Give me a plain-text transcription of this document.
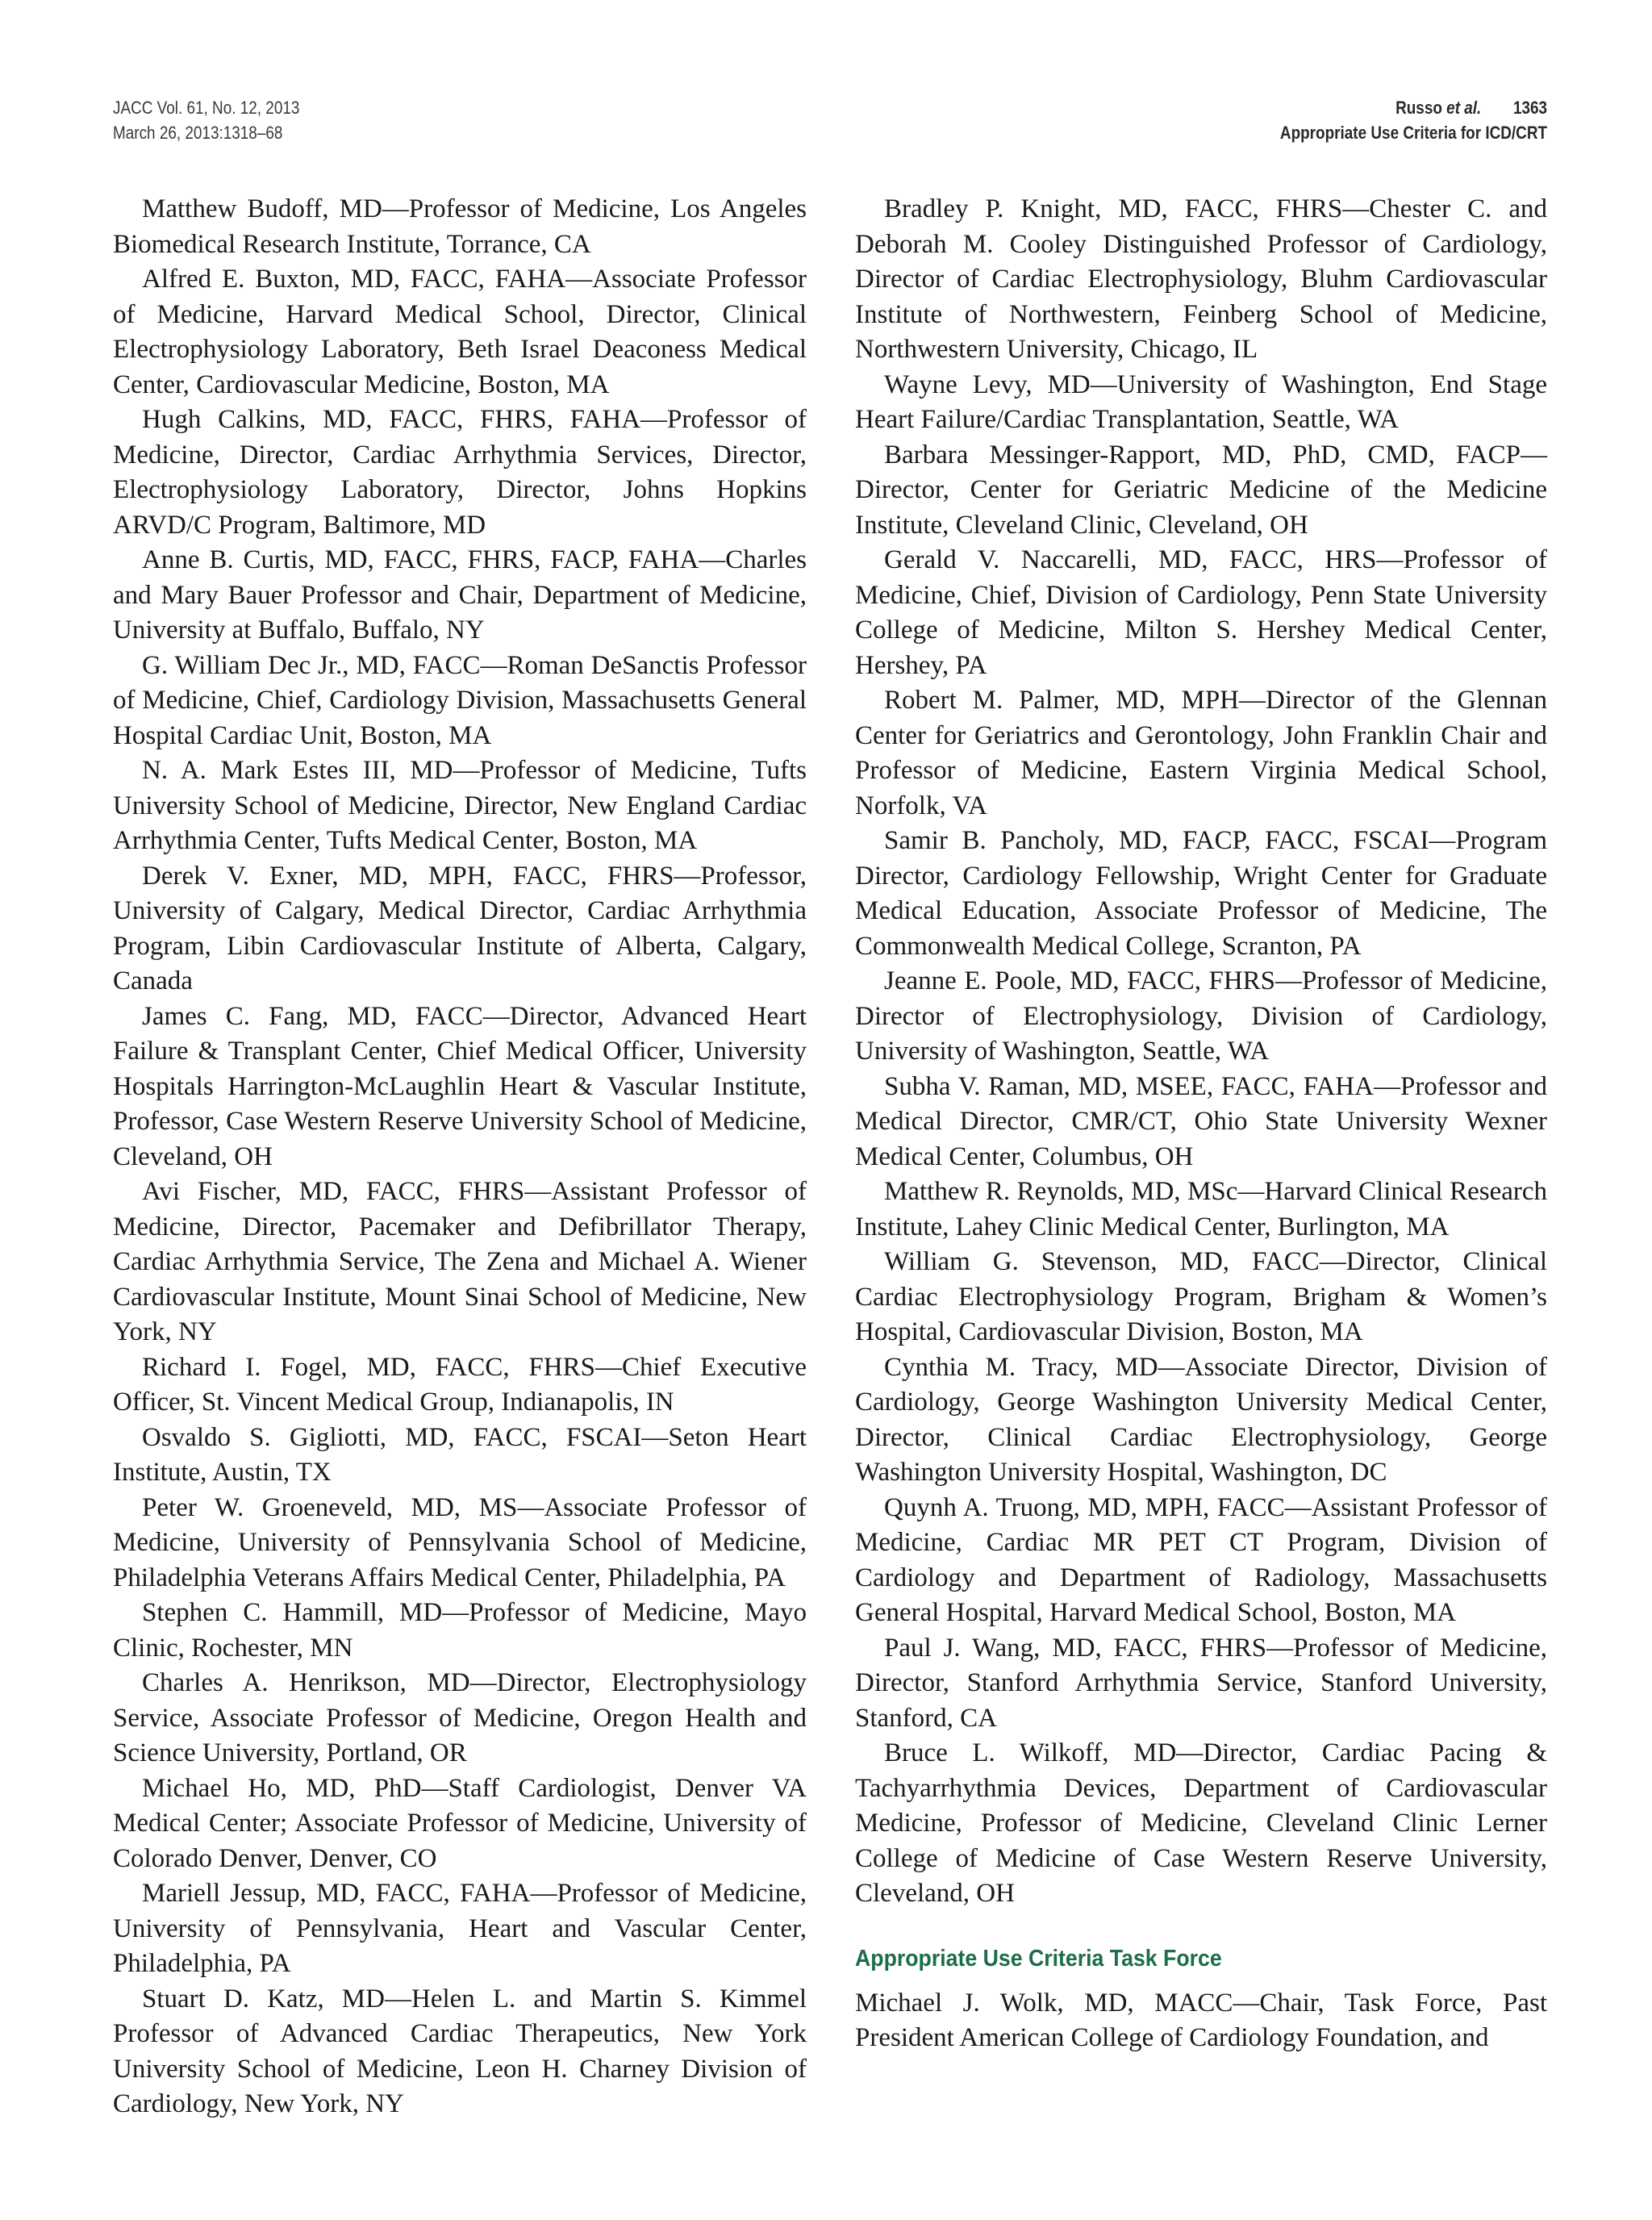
JACC Vol. 61, No. 12, 2013
March 26, 2013:1318–68
Russo et al. 1363
Appropriate Use Criteria for ICD/CRT

Matthew Budoff, MD—Professor of Medicine, Los Angeles Biomedical Research Institute, Torrance, CA

Alfred E. Buxton, MD, FACC, FAHA—Associate Professor of Medicine, Harvard Medical School, Director, Clinical Electrophysiology Laboratory, Beth Israel Deaconess Medical Center, Cardiovascular Medicine, Boston, MA

Hugh Calkins, MD, FACC, FHRS, FAHA—Professor of Medicine, Director, Cardiac Arrhythmia Services, Director, Electrophysiology Laboratory, Director, Johns Hopkins ARVD/C Program, Baltimore, MD

Anne B. Curtis, MD, FACC, FHRS, FACP, FAHA—Charles and Mary Bauer Professor and Chair, Department of Medicine, University at Buffalo, Buffalo, NY

G. William Dec Jr., MD, FACC—Roman DeSanctis Professor of Medicine, Chief, Cardiology Division, Massachusetts General Hospital Cardiac Unit, Boston, MA

N. A. Mark Estes III, MD—Professor of Medicine, Tufts University School of Medicine, Director, New England Cardiac Arrhythmia Center, Tufts Medical Center, Boston, MA

Derek V. Exner, MD, MPH, FACC, FHRS—Professor, University of Calgary, Medical Director, Cardiac Arrhythmia Program, Libin Cardiovascular Institute of Alberta, Calgary, Canada

James C. Fang, MD, FACC—Director, Advanced Heart Failure & Transplant Center, Chief Medical Officer, University Hospitals Harrington-McLaughlin Heart & Vascular Institute, Professor, Case Western Reserve University School of Medicine, Cleveland, OH

Avi Fischer, MD, FACC, FHRS—Assistant Professor of Medicine, Director, Pacemaker and Defibrillator Therapy, Cardiac Arrhythmia Service, The Zena and Michael A. Wiener Cardiovascular Institute, Mount Sinai School of Medicine, New York, NY

Richard I. Fogel, MD, FACC, FHRS—Chief Executive Officer, St. Vincent Medical Group, Indianapolis, IN

Osvaldo S. Gigliotti, MD, FACC, FSCAI—Seton Heart Institute, Austin, TX

Peter W. Groeneveld, MD, MS—Associate Professor of Medicine, University of Pennsylvania School of Medicine, Philadelphia Veterans Affairs Medical Center, Philadelphia, PA

Stephen C. Hammill, MD—Professor of Medicine, Mayo Clinic, Rochester, MN

Charles A. Henrikson, MD—Director, Electrophysiology Service, Associate Professor of Medicine, Oregon Health and Science University, Portland, OR

Michael Ho, MD, PhD—Staff Cardiologist, Denver VA Medical Center; Associate Professor of Medicine, University of Colorado Denver, Denver, CO

Mariell Jessup, MD, FACC, FAHA—Professor of Medicine, University of Pennsylvania, Heart and Vascular Center, Philadelphia, PA

Stuart D. Katz, MD—Helen L. and Martin S. Kimmel Professor of Advanced Cardiac Therapeutics, New York University School of Medicine, Leon H. Charney Division of Cardiology, New York, NY

Bradley P. Knight, MD, FACC, FHRS—Chester C. and Deborah M. Cooley Distinguished Professor of Cardiology, Director of Cardiac Electrophysiology, Bluhm Cardiovascular Institute of Northwestern, Feinberg School of Medicine, Northwestern University, Chicago, IL

Wayne Levy, MD—University of Washington, End Stage Heart Failure/Cardiac Transplantation, Seattle, WA

Barbara Messinger-Rapport, MD, PhD, CMD, FACP—Director, Center for Geriatric Medicine of the Medicine Institute, Cleveland Clinic, Cleveland, OH

Gerald V. Naccarelli, MD, FACC, HRS—Professor of Medicine, Chief, Division of Cardiology, Penn State University College of Medicine, Milton S. Hershey Medical Center, Hershey, PA

Robert M. Palmer, MD, MPH—Director of the Glennan Center for Geriatrics and Gerontology, John Franklin Chair and Professor of Medicine, Eastern Virginia Medical School, Norfolk, VA

Samir B. Pancholy, MD, FACP, FACC, FSCAI—Program Director, Cardiology Fellowship, Wright Center for Graduate Medical Education, Associate Professor of Medicine, The Commonwealth Medical College, Scranton, PA

Jeanne E. Poole, MD, FACC, FHRS—Professor of Medicine, Director of Electrophysiology, Division of Cardiology, University of Washington, Seattle, WA

Subha V. Raman, MD, MSEE, FACC, FAHA—Professor and Medical Director, CMR/CT, Ohio State University Wexner Medical Center, Columbus, OH

Matthew R. Reynolds, MD, MSc—Harvard Clinical Research Institute, Lahey Clinic Medical Center, Burlington, MA

William G. Stevenson, MD, FACC—Director, Clinical Cardiac Electrophysiology Program, Brigham & Women’s Hospital, Cardiovascular Division, Boston, MA

Cynthia M. Tracy, MD—Associate Director, Division of Cardiology, George Washington University Medical Center, Director, Clinical Cardiac Electrophysiology, George Washington University Hospital, Washington, DC

Quynh A. Truong, MD, MPH, FACC—Assistant Professor of Medicine, Cardiac MR PET CT Program, Division of Cardiology and Department of Radiology, Massachusetts General Hospital, Harvard Medical School, Boston, MA

Paul J. Wang, MD, FACC, FHRS—Professor of Medicine, Director, Stanford Arrhythmia Service, Stanford University, Stanford, CA

Bruce L. Wilkoff, MD—Director, Cardiac Pacing & Tachyarrhythmia Devices, Department of Cardiovascular Medicine, Professor of Medicine, Cleveland Clinic Lerner College of Medicine of Case Western Reserve University, Cleveland, OH

Appropriate Use Criteria Task Force

Michael J. Wolk, MD, MACC—Chair, Task Force, Past President American College of Cardiology Foundation, and
